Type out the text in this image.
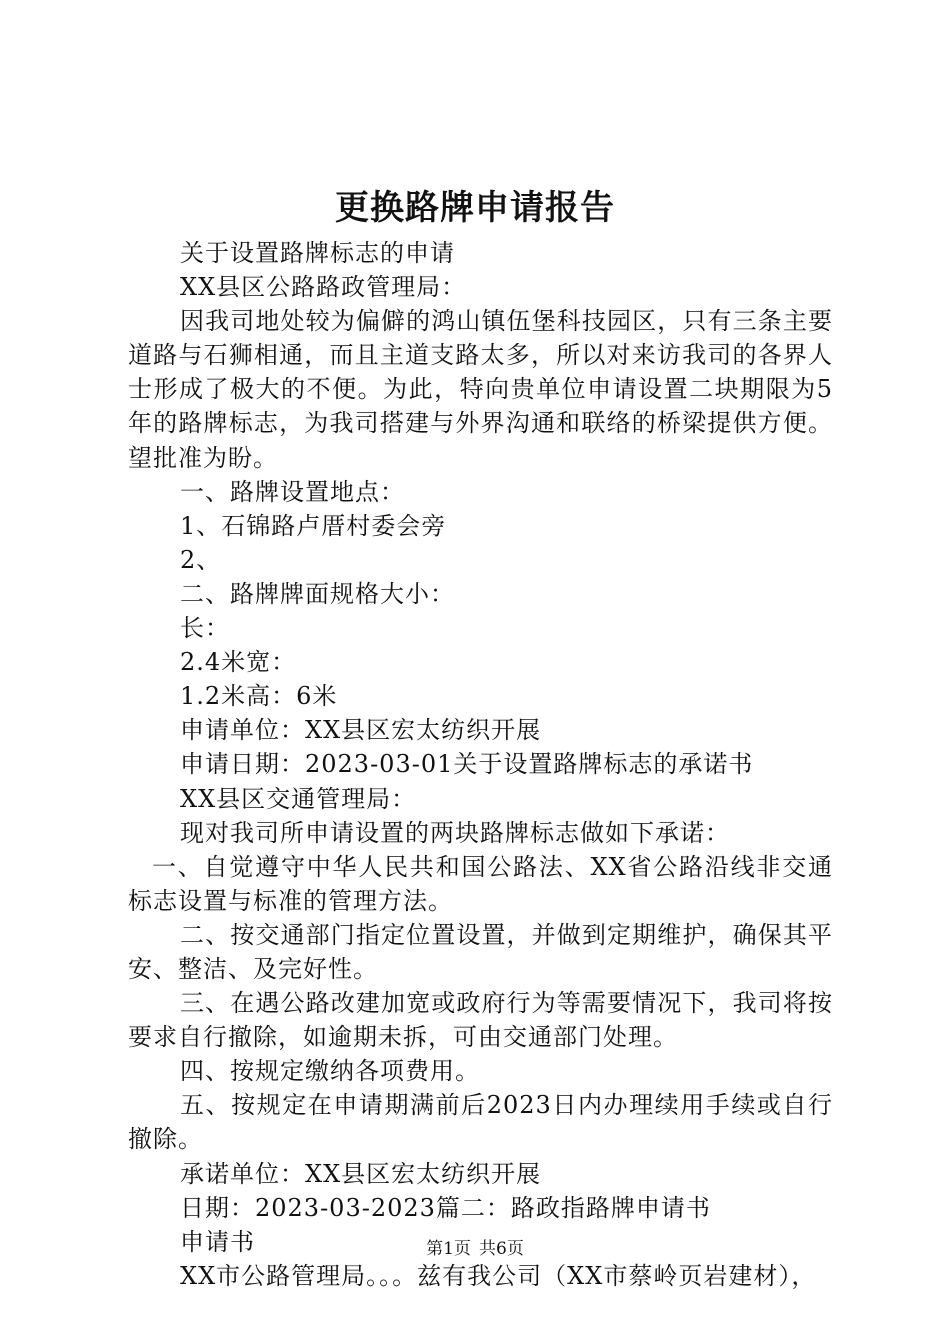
更换路牌申请报告

关于设置路牌标志的申请

XX县区公路路政管理局：

因我司地处较为偏僻的鸿山镇伍堡科技园区，只有三条主要道路与石狮相通，而且主道支路太多，所以对来访我司的各界人士形成了极大的不便。为此，特向贵单位申请设置二块期限为5年的路牌标志，为我司搭建与外界沟通和联络的桥梁提供方便。望批准为盼。

一、路牌设置地点：

1、石锦路卢厝村委会旁

2、

二、路牌牌面规格大小：

长：

2.4米宽：

1.2米高：6米

申请单位：XX县区宏太纺织开展

申请日期：2023-03-01关于设置路牌标志的承诺书

XX县区交通管理局：

现对我司所申请设置的两块路牌标志做如下承诺：

一、自觉遵守中华人民共和国公路法、XX省公路沿线非交通标志设置与标准的管理方法。

二、按交通部门指定位置设置，并做到定期维护，确保其平安、整洁、及完好性。

三、在遇公路改建加宽或政府行为等需要情况下，我司将按要求自行撤除，如逾期未拆，可由交通部门处理。

四、按规定缴纳各项费用。

五、按规定在申请期满前后2023日内办理续用手续或自行撤除。

承诺单位：XX县区宏太纺织开展

日期：2023-03-2023篇二：路政指路牌申请书

申请书

XX市公路管理局。。。兹有我公司（XX市蔡岭页岩建材），

第1页 共6页
